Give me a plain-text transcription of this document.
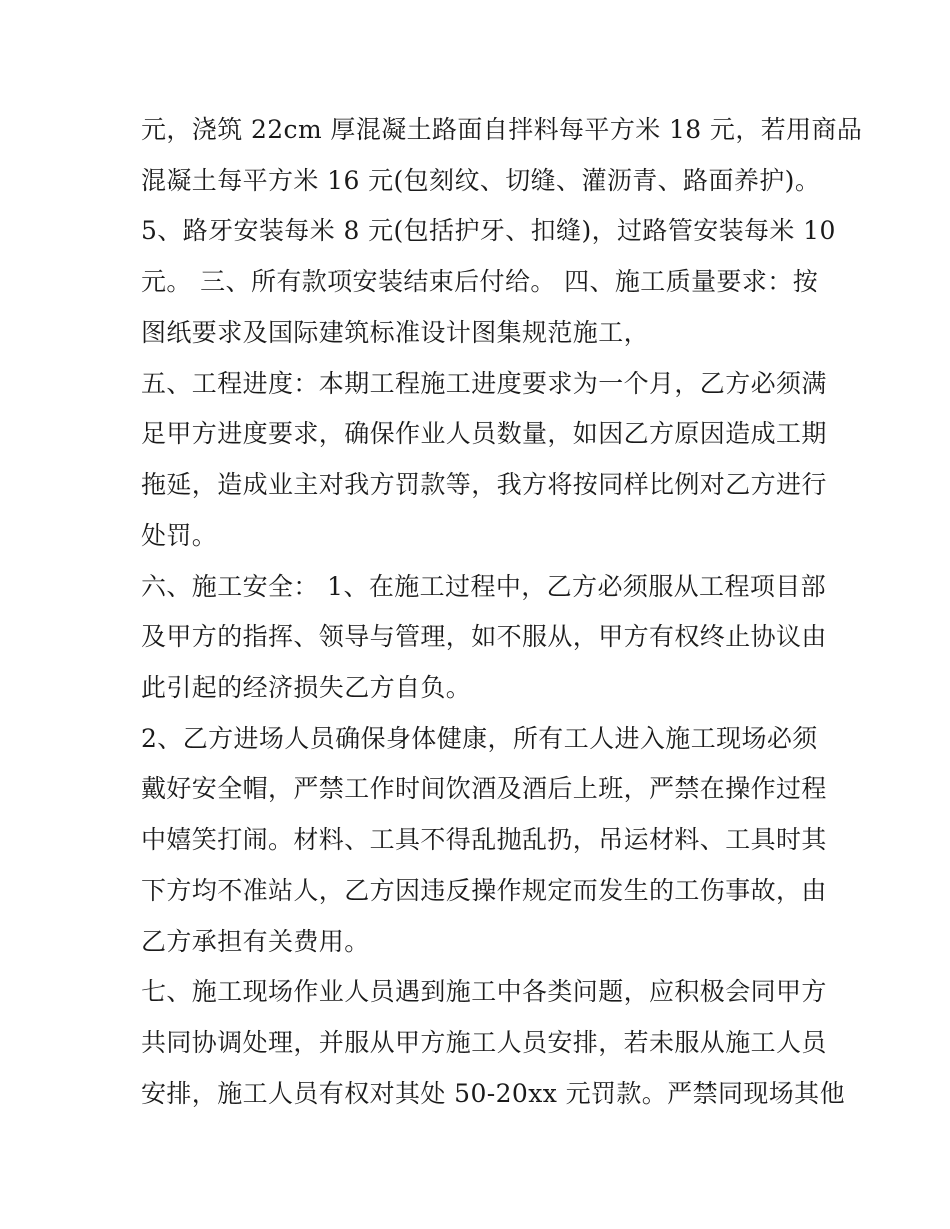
元，浇筑 22cm 厚混凝土路面自拌料每平方米 18 元，若用商品
混凝土每平方米 16 元(包刻纹、切缝、灌沥青、路面养护)。
5、路牙安装每米 8 元(包括护牙、扣缝)，过路管安装每米 10
元。 三、所有款项安装结束后付给。 四、施工质量要求：按
图纸要求及国际建筑标准设计图集规范施工，
五、工程进度：本期工程施工进度要求为一个月，乙方必须满
足甲方进度要求，确保作业人员数量，如因乙方原因造成工期
拖延，造成业主对我方罚款等，我方将按同样比例对乙方进行
处罚。
六、施工安全： 1、在施工过程中，乙方必须服从工程项目部
及甲方的指挥、领导与管理，如不服从，甲方有权终止协议由
此引起的经济损失乙方自负。
2、乙方进场人员确保身体健康，所有工人进入施工现场必须
戴好安全帽，严禁工作时间饮酒及酒后上班，严禁在操作过程
中嬉笑打闹。材料、工具不得乱抛乱扔，吊运材料、工具时其
下方均不准站人，乙方因违反操作规定而发生的工伤事故，由
乙方承担有关费用。
七、施工现场作业人员遇到施工中各类问题，应积极会同甲方
共同协调处理，并服从甲方施工人员安排，若未服从施工人员
安排，施工人员有权对其处 50-20xx 元罚款。严禁同现场其他
